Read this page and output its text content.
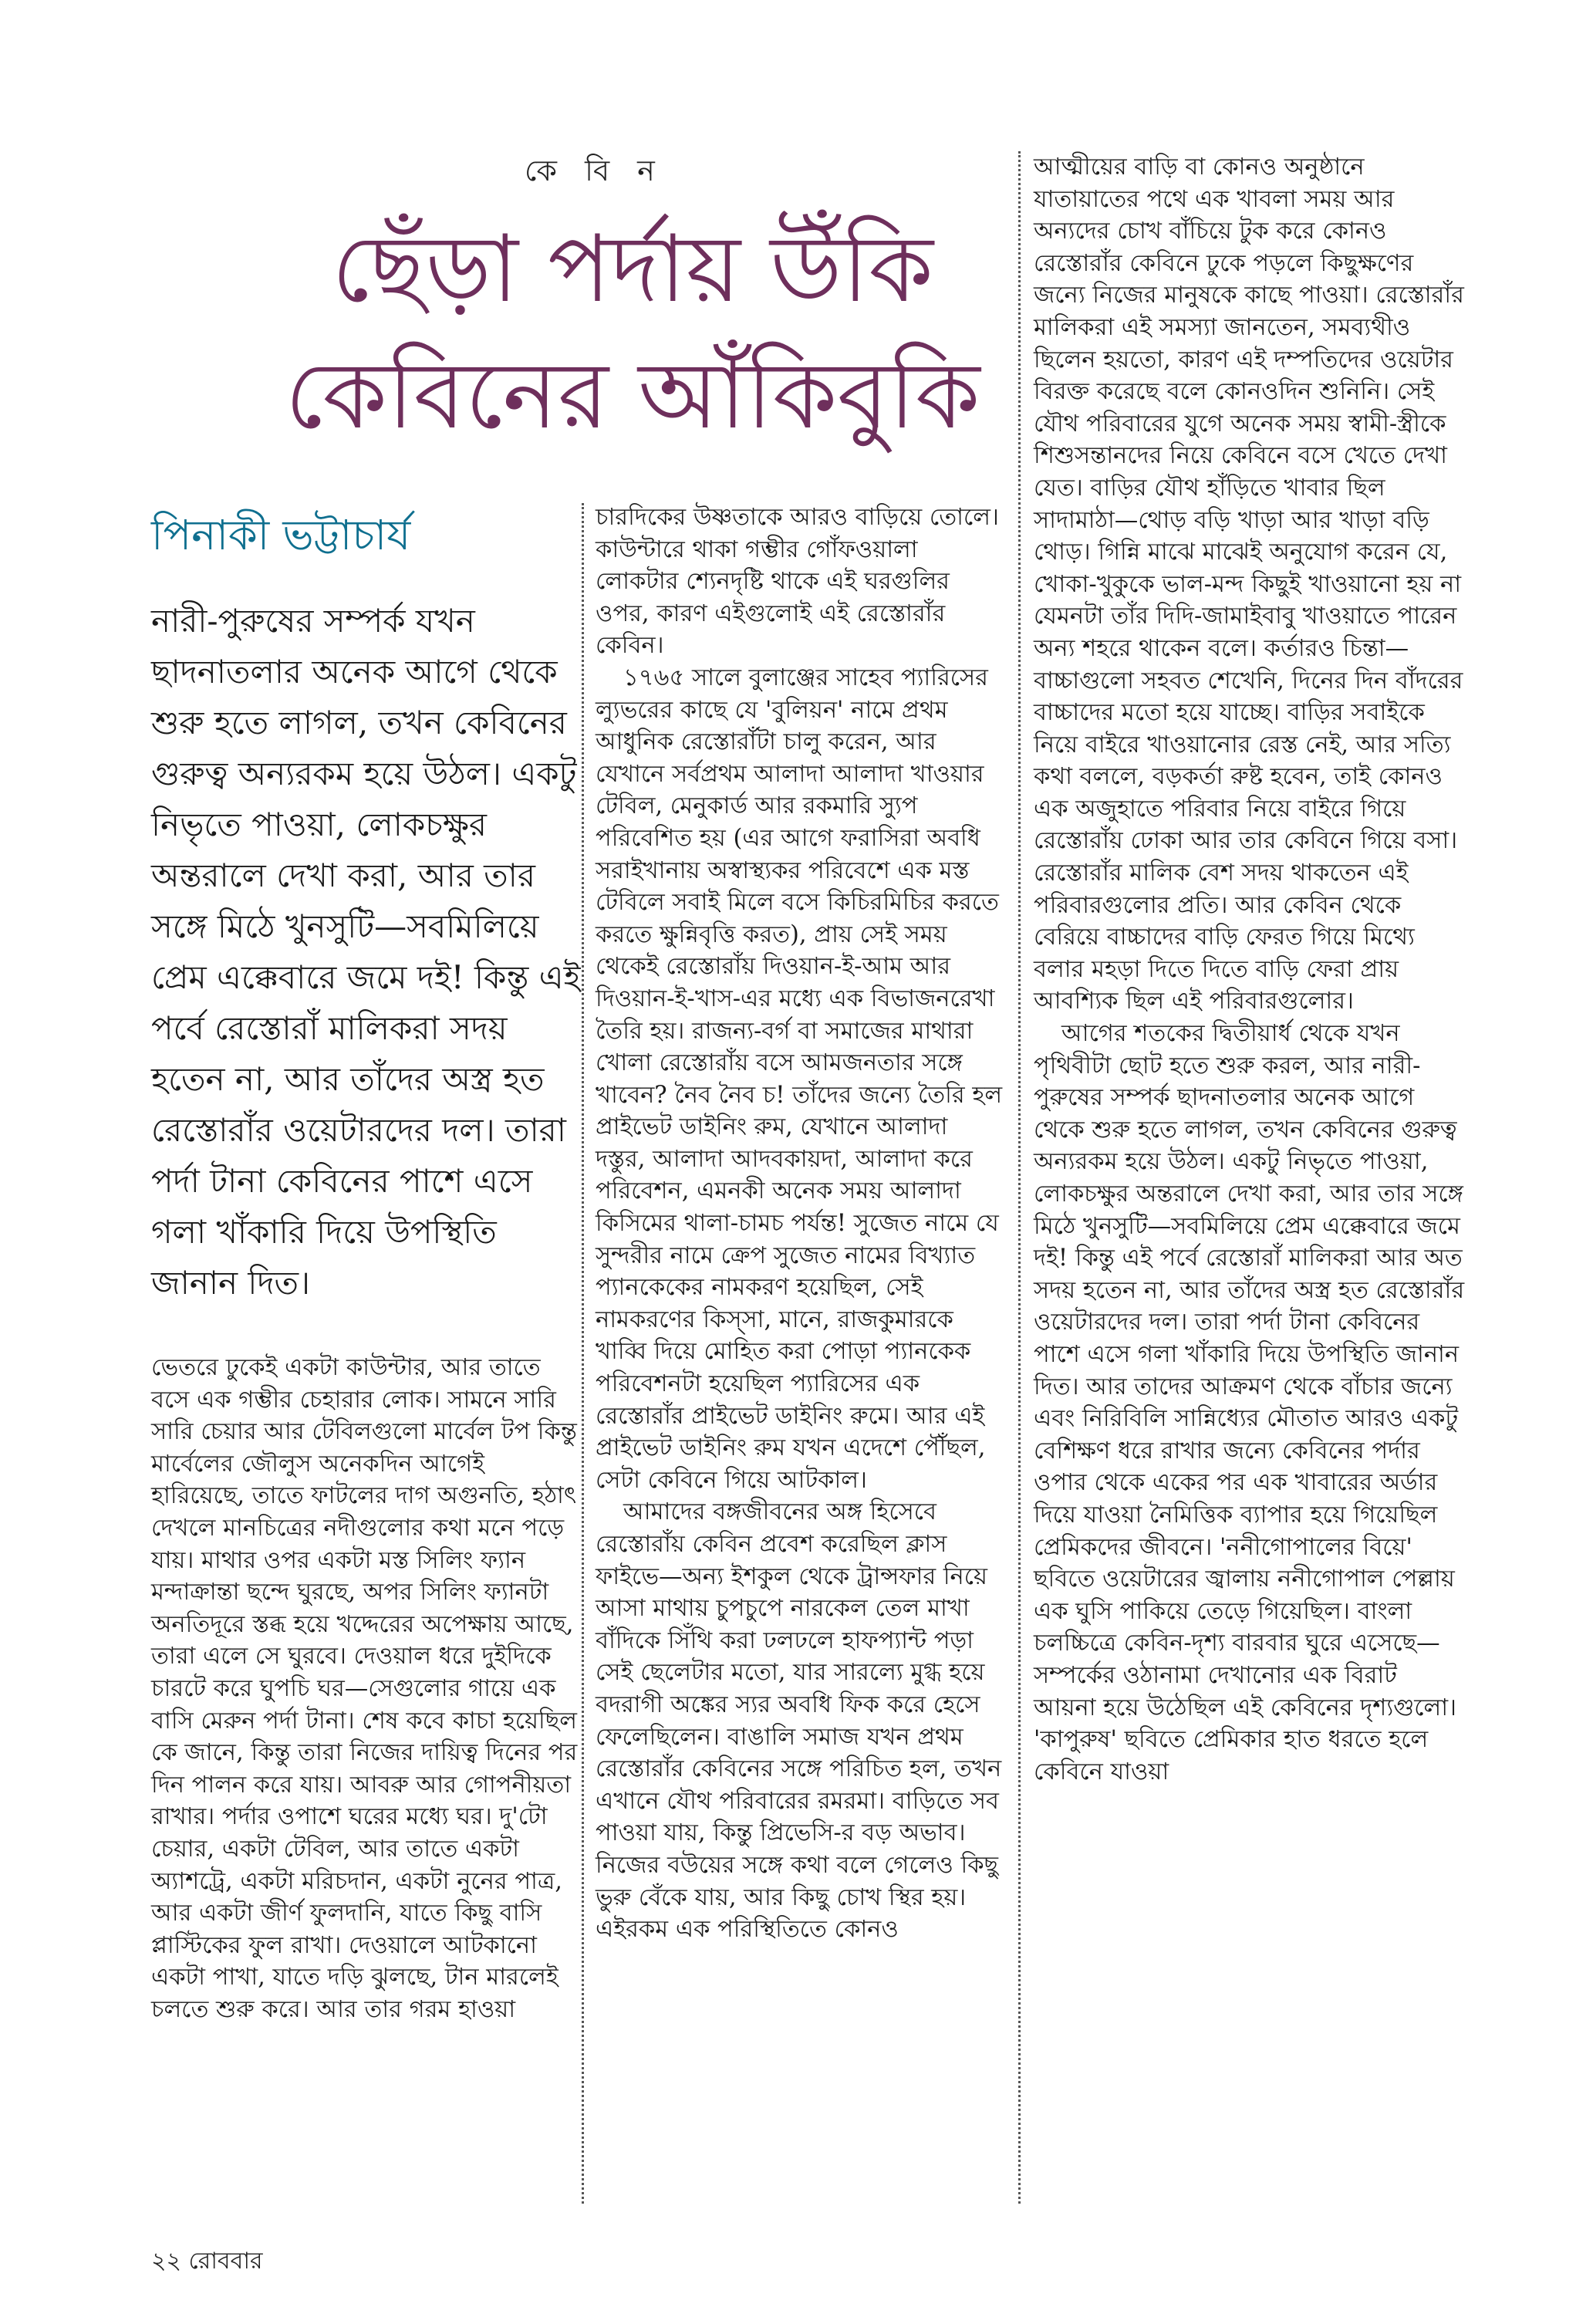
কে বি ন
ছেঁড়া পর্দায় উঁকি
কেবিনের আঁকিবুকি
পিনাকী ভট্টাচার্য
নারী-পুরুষের সম্পর্ক যখন ছাদনাতলার অনেক আগে থেকে শুরু হতে লাগল, তখন কেবিনের গুরুত্ব অন্যরকম হয়ে উঠল। একটু নিভৃতে পাওয়া, লোকচক্ষুর অন্তরালে দেখা করা, আর তার সঙ্গে মিঠে খুনসুটি—সবমিলিয়ে প্রেম এক্কেবারে জমে দই! কিন্তু এই পর্বে রেস্তোরাঁ মালিকরা সদয় হতেন না, আর তাঁদের অস্ত্র হত রেস্তোরাঁর ওয়েটারদের দল। তারা পর্দা টানা কেবিনের পাশে এসে গলা খাঁকারি দিয়ে উপস্থিতি জানান দিত।

ভেতরে ঢুকেই একটা কাউন্টার, আর তাতে বসে এক গম্ভীর চেহারার লোক। সামনে সারি সারি চেয়ার আর টেবিলগুলো মার্বেল টপ কিন্তু মার্বেলের জৌলুস অনেকদিন আগেই হারিয়েছে, তাতে ফাটলের দাগ অগুনতি, হঠাৎ দেখলে মানচিত্রের নদীগুলোর কথা মনে পড়ে যায়। মাথার ওপর একটা মস্ত সিলিং ফ্যান মন্দাক্রান্তা ছন্দে ঘুরছে, অপর সিলিং ফ্যানটা অনতিদূরে স্তব্ধ হয়ে খদ্দেরের অপেক্ষায় আছে, তারা এলে সে ঘুরবে। দেওয়াল ধরে দুইদিকে চারটে করে ঘুপচি ঘর—সেগুলোর গায়ে এক বাসি মেরুন পর্দা টানা। শেষ কবে কাচা হয়েছিল কে জানে, কিন্তু তারা নিজের দায়িত্ব দিনের পর দিন পালন করে যায়। আবরু আর গোপনীয়তা রাখার। পর্দার ওপাশে ঘরের মধ্যে ঘর। দু'টো চেয়ার, একটা টেবিল, আর তাতে একটা অ্যাশট্রে, একটা মরিচদান, একটা নুনের পাত্র, আর একটা জীর্ণ ফুলদানি, যাতে কিছু বাসি প্লাস্টিকের ফুল রাখা। দেওয়ালে আটকানো একটা পাখা, যাতে দড়ি ঝুলছে, টান মারলেই চলতে শুরু করে। আর তার গরম হাওয়া

চারদিকের উষ্ণতাকে আরও বাড়িয়ে তোলে। কাউন্টারে থাকা গম্ভীর গোঁফওয়ালা লোকটার শ্যেনদৃষ্টি থাকে এই ঘরগুলির ওপর, কারণ এইগুলোই এই রেস্তোরাঁর কেবিন।

১৭৬৫ সালে বুলাঞ্জের সাহেব প্যারিসের ল্যুভরের কাছে যে 'বুলিয়ন' নামে প্রথম আধুনিক রেস্তোরাঁটা চালু করেন, আর যেখানে সর্বপ্রথম আলাদা আলাদা খাওয়ার টেবিল, মেনুকার্ড আর রকমারি স্যুপ পরিবেশিত হয় (এর আগে ফরাসিরা অবধি সরাইখানায় অস্বাস্থ্যকর পরিবেশে এক মস্ত টেবিলে সবাই মিলে বসে কিচিরমিচির করতে করতে ক্ষুন্নিবৃত্তি করত), প্রায় সেই সময় থেকেই রেস্তোরাঁয় দিওয়ান-ই-আম আর দিওয়ান-ই-খাস-এর মধ্যে এক বিভাজনরেখা তৈরি হয়। রাজন্য-বর্গ বা সমাজের মাথারা খোলা রেস্তোরাঁয় বসে আমজনতার সঙ্গে খাবেন? নৈব নৈব চ! তাঁদের জন্যে তৈরি হল প্রাইভেট ডাইনিং রুম, যেখানে আলাদা দস্তুর, আলাদা আদবকায়দা, আলাদা করে পরিবেশন, এমনকী অনেক সময় আলাদা কিসিমের থালা-চামচ পর্যন্ত! সুজেত নামে যে সুন্দরীর নামে ক্রেপ সুজেত নামের বিখ্যাত প্যানকেকের নামকরণ হয়েছিল, সেই নামকরণের কিস্সা, মানে, রাজকুমারকে খাব্বি দিয়ে মোহিত করা পোড়া প্যানকেক পরিবেশনটা হয়েছিল প্যারিসের এক রেস্তোরাঁর প্রাইভেট ডাইনিং রুমে। আর এই প্রাইভেট ডাইনিং রুম যখন এদেশে পৌঁছল, সেটা কেবিনে গিয়ে আটকাল।

আমাদের বঙ্গজীবনের অঙ্গ হিসেবে রেস্তোরাঁয় কেবিন প্রবেশ করেছিল ক্লাস ফাইভে—অন্য ইশকুল থেকে ট্রান্সফার নিয়ে আসা মাথায় চুপচুপে নারকেল তেল মাখা বাঁদিকে সিঁথি করা ঢলঢলে হাফপ্যান্ট পড়া সেই ছেলেটার মতো, যার সারল্যে মুগ্ধ হয়ে বদরাগী অঙ্কের স্যর অবধি ফিক করে হেসে ফেলেছিলেন। বাঙালি সমাজ যখন প্রথম রেস্তোরাঁর কেবিনের সঙ্গে পরিচিত হল, তখন এখানে যৌথ পরিবারের রমরমা। বাড়িতে সব পাওয়া যায়, কিন্তু প্রিভেসি-র বড় অভাব। নিজের বউয়ের সঙ্গে কথা বলে গেলেও কিছু ভুরু বেঁকে যায়, আর কিছু চোখ স্থির হয়। এইরকম এক পরিস্থিতিতে কোনও

আত্মীয়ের বাড়ি বা কোনও অনুষ্ঠানে যাতায়াতের পথে এক খাবলা সময় আর অন্যদের চোখ বাঁচিয়ে টুক করে কোনও রেস্তোরাঁর কেবিনে ঢুকে পড়লে কিছুক্ষণের জন্যে নিজের মানুষকে কাছে পাওয়া। রেস্তোরাঁর মালিকরা এই সমস্যা জানতেন, সমব্যথীও ছিলেন হয়তো, কারণ এই দম্পতিদের ওয়েটার বিরক্ত করেছে বলে কোনওদিন শুনিনি। সেই যৌথ পরিবারের যুগে অনেক সময় স্বামী-স্ত্রীকে শিশুসন্তানদের নিয়ে কেবিনে বসে খেতে দেখা যেত। বাড়ির যৌথ হাঁড়িতে খাবার ছিল সাদামাঠা—থোড় বড়ি খাড়া আর খাড়া বড়ি থোড়। গিন্নি মাঝে মাঝেই অনুযোগ করেন যে, খোকা-খুকুকে ভাল-মন্দ কিছুই খাওয়ানো হয় না যেমনটা তাঁর দিদি-জামাইবাবু খাওয়াতে পারেন অন্য শহরে থাকেন বলে। কর্তারও চিন্তা—বাচ্চাগুলো সহবত শেখেনি, দিনের দিন বাঁদরের বাচ্চাদের মতো হয়ে যাচ্ছে। বাড়ির সবাইকে নিয়ে বাইরে খাওয়ানোর রেস্ত নেই, আর সত্যি কথা বললে, বড়কর্তা রুষ্ট হবেন, তাই কোনও এক অজুহাতে পরিবার নিয়ে বাইরে গিয়ে রেস্তোরাঁয় ঢোকা আর তার কেবিনে গিয়ে বসা। রেস্তোরাঁর মালিক বেশ সদয় থাকতেন এই পরিবারগুলোর প্রতি। আর কেবিন থেকে বেরিয়ে বাচ্চাদের বাড়ি ফেরত গিয়ে মিথ্যে বলার মহড়া দিতে দিতে বাড়ি ফেরা প্রায় আবশ্যিক ছিল এই পরিবারগুলোর।

আগের শতকের দ্বিতীয়ার্ধ থেকে যখন পৃথিবীটা ছোট হতে শুরু করল, আর নারী-পুরুষের সম্পর্ক ছাদনাতলার অনেক আগে থেকে শুরু হতে লাগল, তখন কেবিনের গুরুত্ব অন্যরকম হয়ে উঠল। একটু নিভৃতে পাওয়া, লোকচক্ষুর অন্তরালে দেখা করা, আর তার সঙ্গে মিঠে খুনসুটি—সবমিলিয়ে প্রেম এক্কেবারে জমে দই! কিন্তু এই পর্বে রেস্তোরাঁ মালিকরা আর অত সদয় হতেন না, আর তাঁদের অস্ত্র হত রেস্তোরাঁর ওয়েটারদের দল। তারা পর্দা টানা কেবিনের পাশে এসে গলা খাঁকারি দিয়ে উপস্থিতি জানান দিত। আর তাদের আক্রমণ থেকে বাঁচার জন্যে এবং নিরিবিলি সান্নিধ্যের মৌতাত আরও একটু বেশিক্ষণ ধরে রাখার জন্যে কেবিনের পর্দার ওপার থেকে একের পর এক খাবারের অর্ডার দিয়ে যাওয়া নৈমিত্তিক ব্যাপার হয়ে গিয়েছিল প্রেমিকদের জীবনে। 'ননীগোপালের বিয়ে' ছবিতে ওয়েটারের জ্বালায় ননীগোপাল পেল্লায় এক ঘুসি পাকিয়ে তেড়ে গিয়েছিল। বাংলা চলচ্চিত্রে কেবিন-দৃশ্য বারবার ঘুরে এসেছে—সম্পর্কের ওঠানামা দেখানোর এক বিরাট আয়না হয়ে উঠেছিল এই কেবিনের দৃশ্যগুলো। 'কাপুরুষ' ছবিতে প্রেমিকার হাত ধরতে হলে কেবিনে যাওয়া

২২ রোববার
